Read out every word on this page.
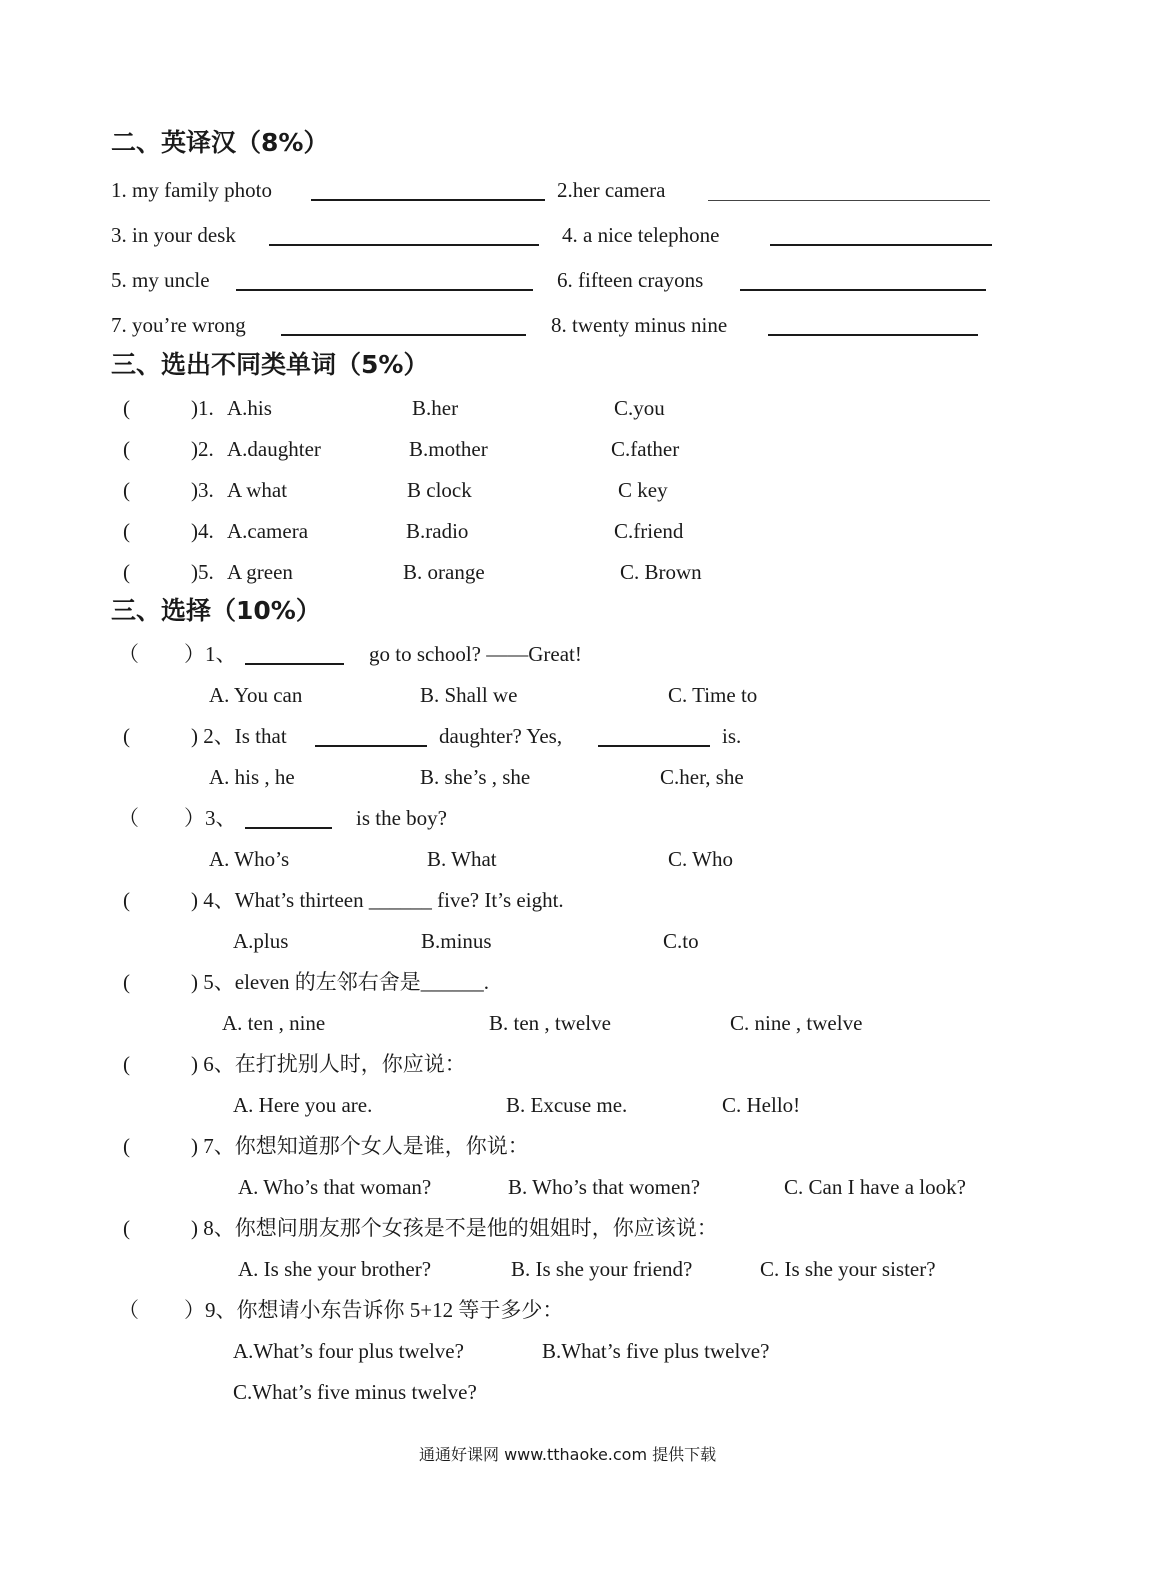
二、英译汉（8%）
1. my family photo	2.her camera
3. in your desk	4. a nice telephone
5. my uncle	6. fifteen crayons
7. you’re wrong	8. twenty minus nine
三、选出不同类单词（5%）
(	)1. A.his	B.her	C.you
(	)2. A.daughter	B.mother	C.father
(	)3. A what	B clock	C key
(	)4. A.camera	B.radio	C.friend
(	)5. A green	B. orange	C. Brown
三、选择（10%）
（ ）1、	go to school? ——Great!
A. You can	B. Shall we	C. Time to
(	) 2、Is that	daughter? Yes,	is.
A. his , he	B. she’s , she	C.her, she
（ ）3、	is the boy?
A. Who’s	B. What	C. Who
(	) 4、What’s thirteen ______ five? It’s eight.
A.plus	B.minus	C.to
(	) 5、eleven 的左邻右舍是______.
A. ten , nine	B. ten , twelve	C. nine , twelve
(	) 6、在打扰别人时，你应说：
A. Here you are.	B. Excuse me.	C. Hello!
(	) 7、你想知道那个女人是谁，你说：
A. Who’s that woman?	B. Who’s that women?	C. Can I have a look?
(	) 8、你想问朋友那个女孩是不是他的姐姐时，你应该说：
A. Is she your brother?	B. Is she your friend?	C. Is she your sister?
（ ）9、你想请小东告诉你 5+12 等于多少：
A.What’s four plus twelve?	B.What’s five plus twelve?
C.What’s five minus twelve?
通通好课网 www.tthaoke.com 提供下载
